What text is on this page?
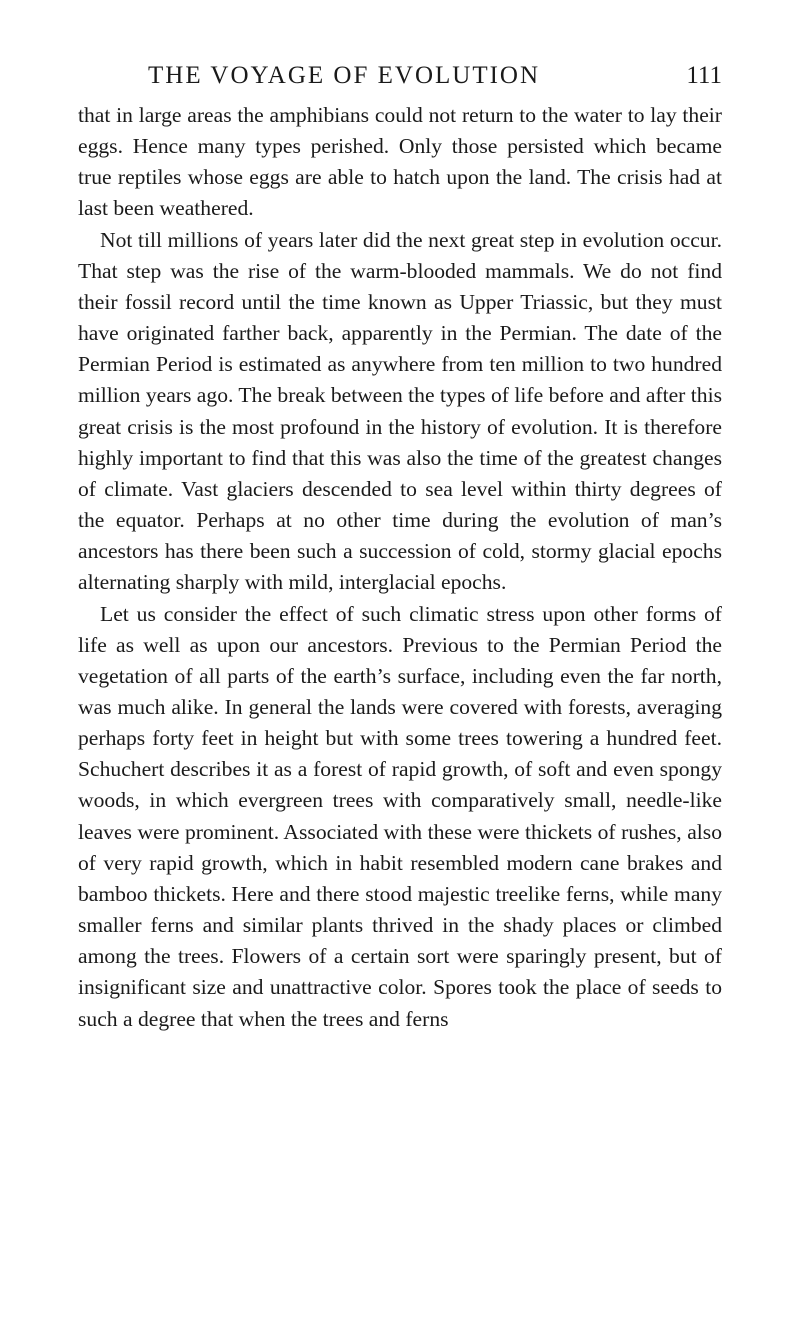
THE VOYAGE OF EVOLUTION	111

that in large areas the amphibians could not return to the water to lay their eggs. Hence many types perished. Only those persisted which became true reptiles whose eggs are able to hatch upon the land. The crisis had at last been weathered.

Not till millions of years later did the next great step in evolution occur. That step was the rise of the warm-blooded mammals. We do not find their fossil record until the time known as Upper Triassic, but they must have originated farther back, apparently in the Permian. The date of the Permian Period is estimated as anywhere from ten million to two hundred million years ago. The break between the types of life before and after this great crisis is the most profound in the history of evolution. It is therefore highly important to find that this was also the time of the greatest changes of climate. Vast glaciers descended to sea level within thirty degrees of the equator. Perhaps at no other time during the evolution of man’s ancestors has there been such a succession of cold, stormy glacial epochs alternating sharply with mild, interglacial epochs.

Let us consider the effect of such climatic stress upon other forms of life as well as upon our ancestors. Previous to the Permian Period the vegetation of all parts of the earth’s surface, including even the far north, was much alike. In general the lands were covered with forests, averaging perhaps forty feet in height but with some trees towering a hundred feet. Schuchert describes it as a forest of rapid growth, of soft and even spongy woods, in which evergreen trees with comparatively small, needle-like leaves were prominent. Associated with these were thickets of rushes, also of very rapid growth, which in habit resembled modern cane brakes and bamboo thickets. Here and there stood majestic treelike ferns, while many smaller ferns and similar plants thrived in the shady places or climbed among the trees. Flowers of a certain sort were sparingly present, but of insignificant size and unattractive color. Spores took the place of seeds to such a degree that when the trees and ferns
